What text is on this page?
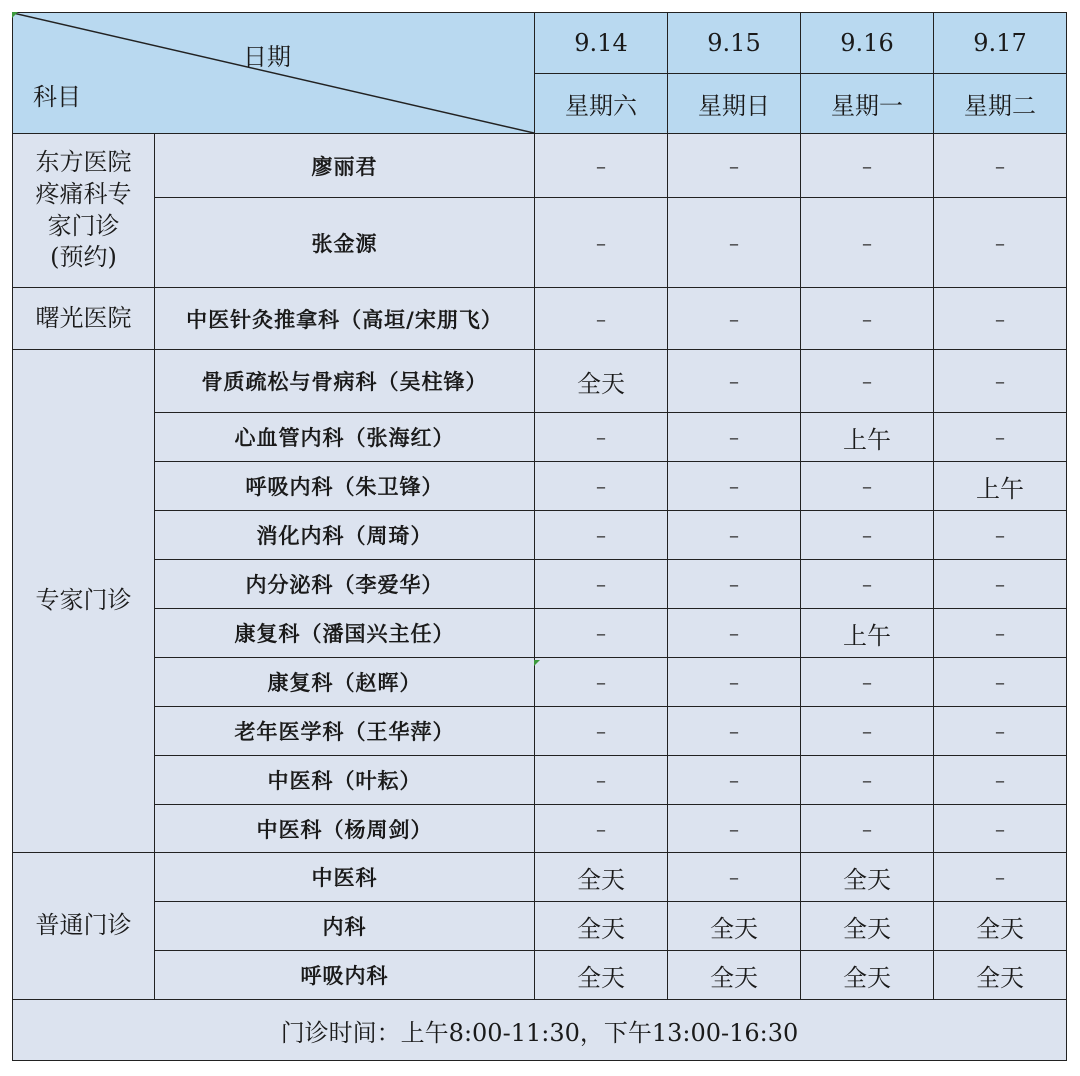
日期
科目		9.14	9.15	9.16	9.17
		星期六	星期日	星期一	星期二

东方医院
疼痛科专
家门诊
(预约)	廖丽君	–	–	–	–
	张金源	–	–	–	–

曙光医院	中医针灸推拿科（高垣/宋朋飞）	–	–	–	–

专家门诊	骨质疏松与骨病科（吴柱锋）	全天	–	–	–
	心血管内科（张海红）	–	–	上午	–
	呼吸内科（朱卫锋）	–	–	–	上午
	消化内科（周琦）	–	–	–	–
	内分泌科（李爱华）	–	–	–	–
	康复科（潘国兴主任）	–	–	上午	–
	康复科（赵晖）	–	–	–	–
	老年医学科（王华萍）	–	–	–	–
	中医科（叶耘）	–	–	–	–
	中医科（杨周剑）	–	–	–	–

普通门诊	中医科	全天	–	全天	–
	内科	全天	全天	全天	全天
	呼吸内科	全天	全天	全天	全天
门诊时间：上午8:00-11:30，下午13:00-16:30					
